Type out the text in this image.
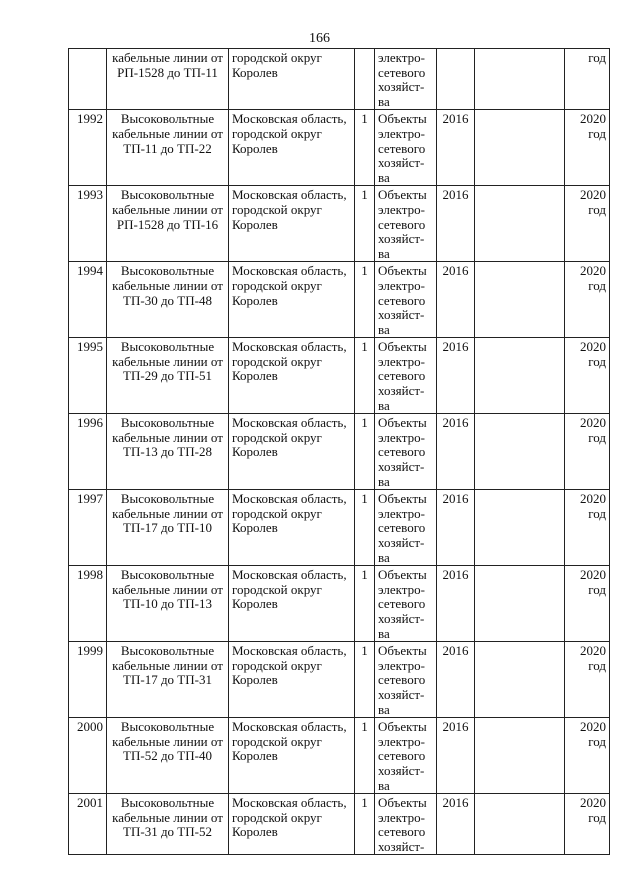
166

	кабельные линии от
РП-1528 до ТП-11	городской округ
Королев		электро-
сетевого
хозяйст-
ва			год

1992	Высоковольтные
кабельные линии от
ТП-11 до ТП-22	Московская область,
городской округ
Королев	1	Объекты
электро-
сетевого
хозяйст-
ва	2016		2020
год

1993	Высоковольтные
кабельные линии от
РП-1528 до ТП-16	Московская область,
городской округ
Королев	1	Объекты
электро-
сетевого
хозяйст-
ва	2016		2020
год

1994	Высоковольтные
кабельные линии от
ТП-30 до ТП-48	Московская область,
городской округ
Королев	1	Объекты
электро-
сетевого
хозяйст-
ва	2016		2020
год

1995	Высоковольтные
кабельные линии от
ТП-29 до ТП-51	Московская область,
городской округ
Королев	1	Объекты
электро-
сетевого
хозяйст-
ва	2016		2020
год

1996	Высоковольтные
кабельные линии от
ТП-13 до ТП-28	Московская область,
городской округ
Королев	1	Объекты
электро-
сетевого
хозяйст-
ва	2016		2020
год

1997	Высоковольтные
кабельные линии от
ТП-17 до ТП-10	Московская область,
городской округ
Королев	1	Объекты
электро-
сетевого
хозяйст-
ва	2016		2020
год

1998	Высоковольтные
кабельные линии от
ТП-10 до ТП-13	Московская область,
городской округ
Королев	1	Объекты
электро-
сетевого
хозяйст-
ва	2016		2020
год

1999	Высоковольтные
кабельные линии от
ТП-17 до ТП-31	Московская область,
городской округ
Королев	1	Объекты
электро-
сетевого
хозяйст-
ва	2016		2020
год

2000	Высоковольтные
кабельные линии от
ТП-52 до ТП-40	Московская область,
городской округ
Королев	1	Объекты
электро-
сетевого
хозяйст-
ва	2016		2020
год

2001	Высоковольтные
кабельные линии от
ТП-31 до ТП-52	Московская область,
городской округ
Королев	1	Объекты
электро-
сетевого
хозяйст-	2016		2020
год
